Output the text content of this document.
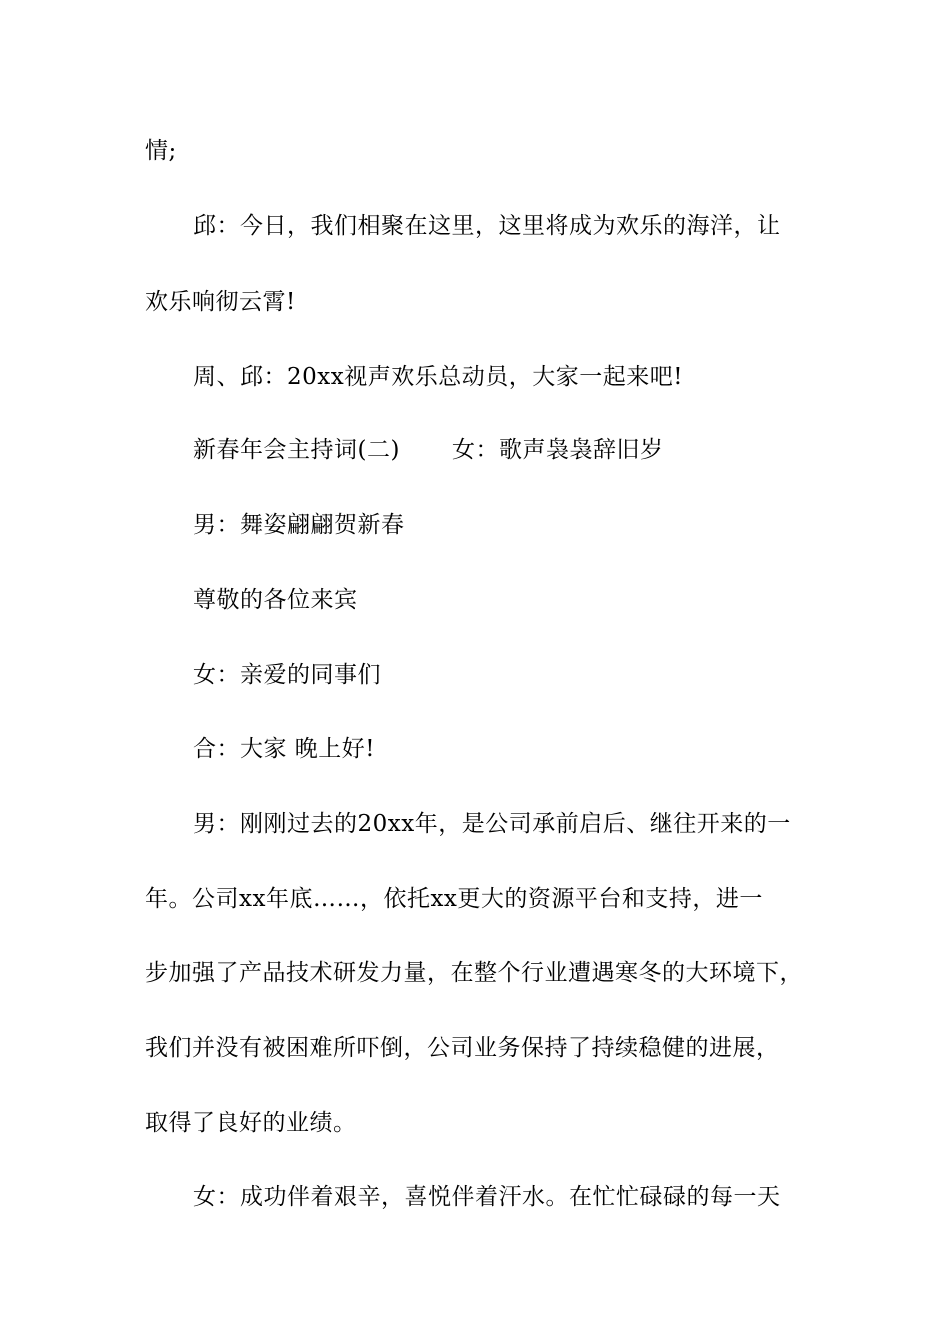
情;
邱：今日，我们相聚在这里，这里将成为欢乐的海洋，让
欢乐响彻云霄!
周、邱：20xx视声欢乐总动员，大家一起来吧!
新春年会主持词(二) 女：歌声袅袅辞旧岁
男：舞姿翩翩贺新春
尊敬的各位来宾
女：亲爱的同事们
合：大家 晚上好!
男：刚刚过去的20xx年，是公司承前启后、继往开来的一
年。公司xx年底……，依托xx更大的资源平台和支持，进一
步加强了产品技术研发力量，在整个行业遭遇寒冬的大环境下，
我们并没有被困难所吓倒，公司业务保持了持续稳健的进展，
取得了良好的业绩。
女：成功伴着艰辛，喜悦伴着汗水。在忙忙碌碌的每一天
